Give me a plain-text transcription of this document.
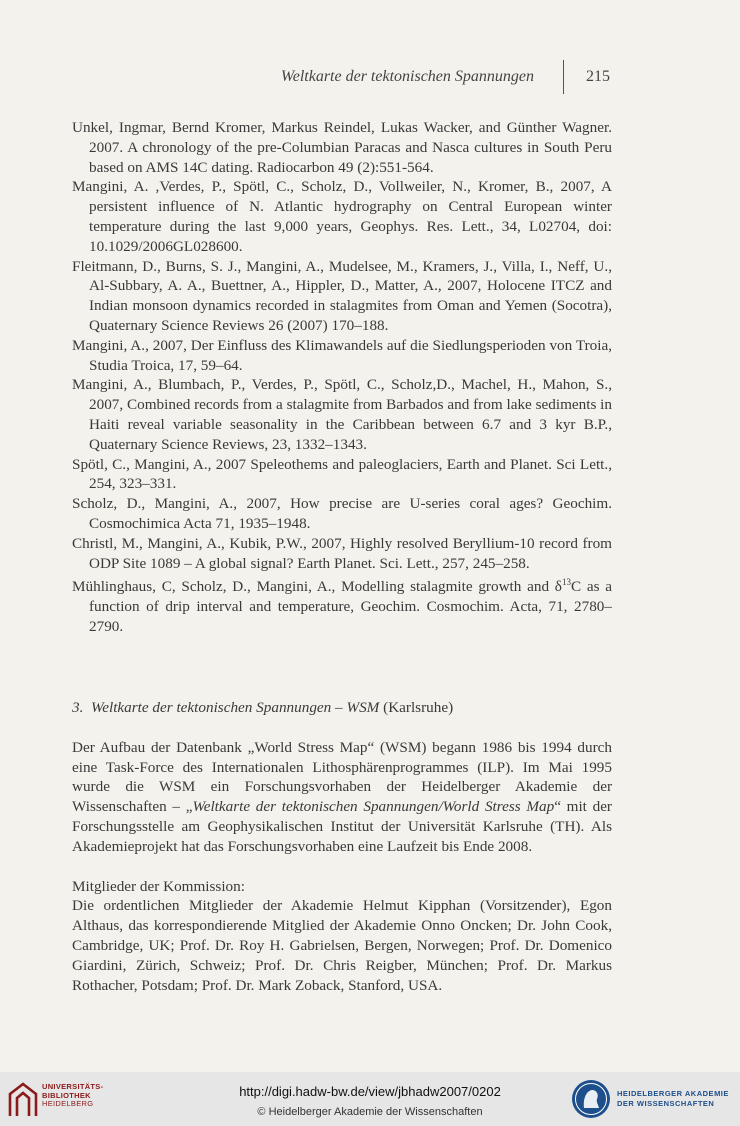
Weltkarte der tektonischen Spannungen	215

Unkel, Ingmar, Bernd Kromer, Markus Reindel, Lukas Wacker, and Günther Wagner. 2007. A chronology of the pre-Columbian Paracas and Nasca cultures in South Peru based on AMS 14C dating. Radiocarbon 49 (2):551-564.

Mangini, A. ,Verdes, P., Spötl, C., Scholz, D., Vollweiler, N., Kromer, B., 2007, A persistent influence of N. Atlantic hydrography on Central European winter temperature during the last 9,000 years, Geophys. Res. Lett., 34, L02704, doi: 10.1029/2006GL028600.

Fleitmann, D., Burns, S. J., Mangini, A., Mudelsee, M., Kramers, J., Villa, I., Neff, U., Al-Subbary, A. A., Buettner, A., Hippler, D., Matter, A., 2007, Holocene ITCZ and Indian monsoon dynamics recorded in stalagmites from Oman and Yemen (Socotra), Quaternary Science Reviews 26 (2007) 170–188.

Mangini, A., 2007, Der Einfluss des Klimawandels auf die Siedlungsperioden von Troia, Studia Troica, 17, 59–64.

Mangini, A., Blumbach, P., Verdes, P., Spötl, C., Scholz,D., Machel, H., Mahon, S., 2007, Combined records from a stalagmite from Barbados and from lake sediments in Haiti reveal variable seasonality in the Caribbean between 6.7 and 3 kyr B.P., Quaternary Science Reviews, 23, 1332–1343.

Spötl, C., Mangini, A., 2007 Speleothems and paleoglaciers, Earth and Planet. Sci Lett., 254, 323–331.

Scholz, D., Mangini, A., 2007, How precise are U-series coral ages? Geochim. Cosmochimica Acta 71, 1935–1948.

Christl, M., Mangini, A., Kubik, P.W., 2007, Highly resolved Beryllium-10 record from ODP Site 1089 – A global signal? Earth Planet. Sci. Lett., 257, 245–258.

Mühlinghaus, C, Scholz, D., Mangini, A., Modelling stalagmite growth and $\delta^{13}C$ as a function of drip interval and temperature, Geochim. Cosmochim. Acta, 71, 2780–2790.

3. Weltkarte der tektonischen Spannungen – WSM (Karlsruhe)

Der Aufbau der Datenbank „World Stress Map“ (WSM) begann 1986 bis 1994 durch eine Task-Force des Internationalen Lithosphärenprogrammes (ILP). Im Mai 1995 wurde die WSM ein Forschungsvorhaben der Heidelberger Akademie der Wissenschaften – „Weltkarte der tektonischen Spannungen/World Stress Map“ mit der Forschungsstelle am Geophysikalischen Institut der Universität Karlsruhe (TH). Als Akademieprojekt hat das Forschungsvorhaben eine Laufzeit bis Ende 2008.

Mitglieder der Kommission:
Die ordentlichen Mitglieder der Akademie Helmut Kipphan (Vorsitzender), Egon Althaus, das korrespondierende Mitglied der Akademie Onno Oncken; Dr. John Cook, Cambridge, UK; Prof. Dr. Roy H. Gabrielsen, Bergen, Norwegen; Prof. Dr. Domenico Giardini, Zürich, Schweiz; Prof. Dr. Chris Reigber, München; Prof. Dr. Markus Rothacher, Potsdam; Prof. Dr. Mark Zoback, Stanford, USA.

UNIVERSITÄTS-
BIBLIOTHEK
HEIDELBERG
http://digi.hadw-bw.de/view/jbhadw2007/0202
© Heidelberger Akademie der Wissenschaften
HEIDELBERGER AKADEMIE
DER WISSENSCHAFTEN
